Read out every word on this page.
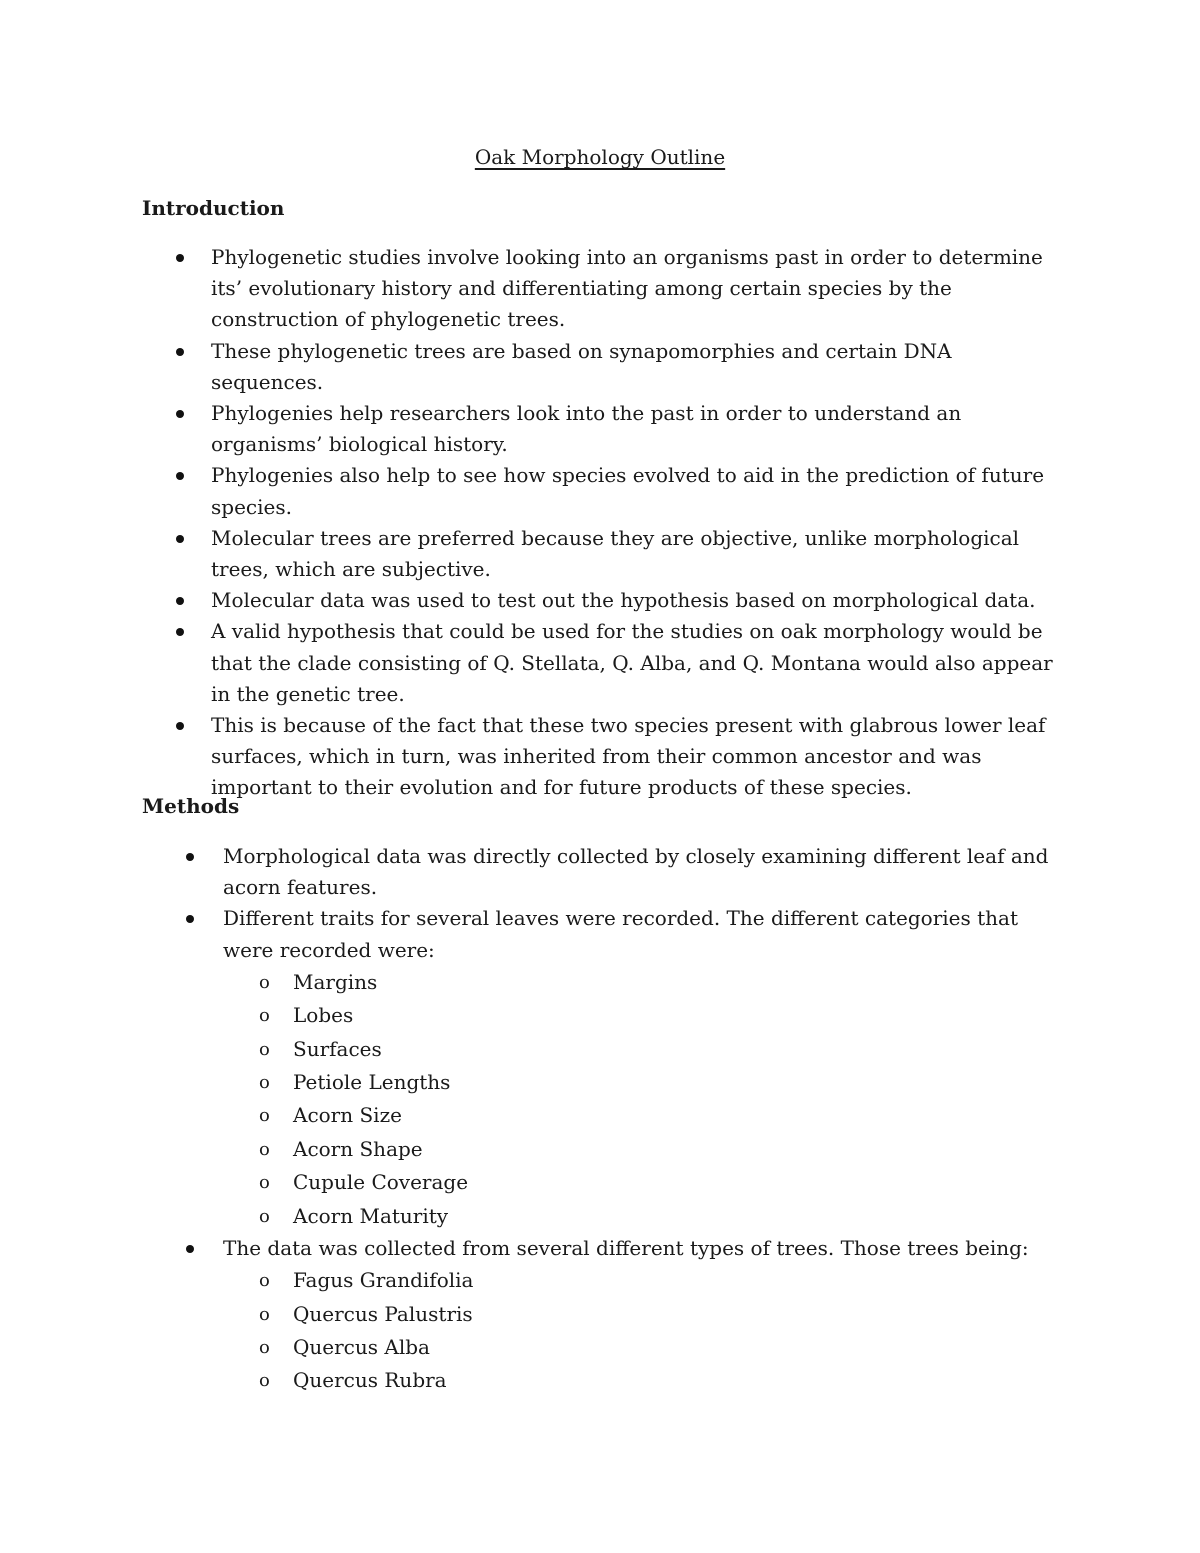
Oak Morphology Outline
Introduction
Phylogenetic studies involve looking into an organisms past in order to determine its’ evolutionary history and differentiating among certain species by the construction of phylogenetic trees.
These phylogenetic trees are based on synapomorphies and certain DNA sequences.
Phylogenies help researchers look into the past in order to understand an organisms’ biological history.
Phylogenies also help to see how species evolved to aid in the prediction of future species.
Molecular trees are preferred because they are objective, unlike morphological trees, which are subjective.
Molecular data was used to test out the hypothesis based on morphological data.
A valid hypothesis that could be used for the studies on oak morphology would be that the clade consisting of Q. Stellata, Q. Alba, and Q. Montana would also appear in the genetic tree.
This is because of the fact that these two species present with glabrous lower leaf surfaces, which in turn, was inherited from their common ancestor and was important to their evolution and for future products of these species.
Methods
Morphological data was directly collected by closely examining different leaf and acorn features.
Different traits for several leaves were recorded. The different categories that were recorded were:
o Margins
o Lobes
o Surfaces
o Petiole Lengths
o Acorn Size
o Acorn Shape
o Cupule Coverage
o Acorn Maturity
The data was collected from several different types of trees. Those trees being:
o Fagus Grandifolia
o Quercus Palustris
o Quercus Alba
o Quercus Rubra
